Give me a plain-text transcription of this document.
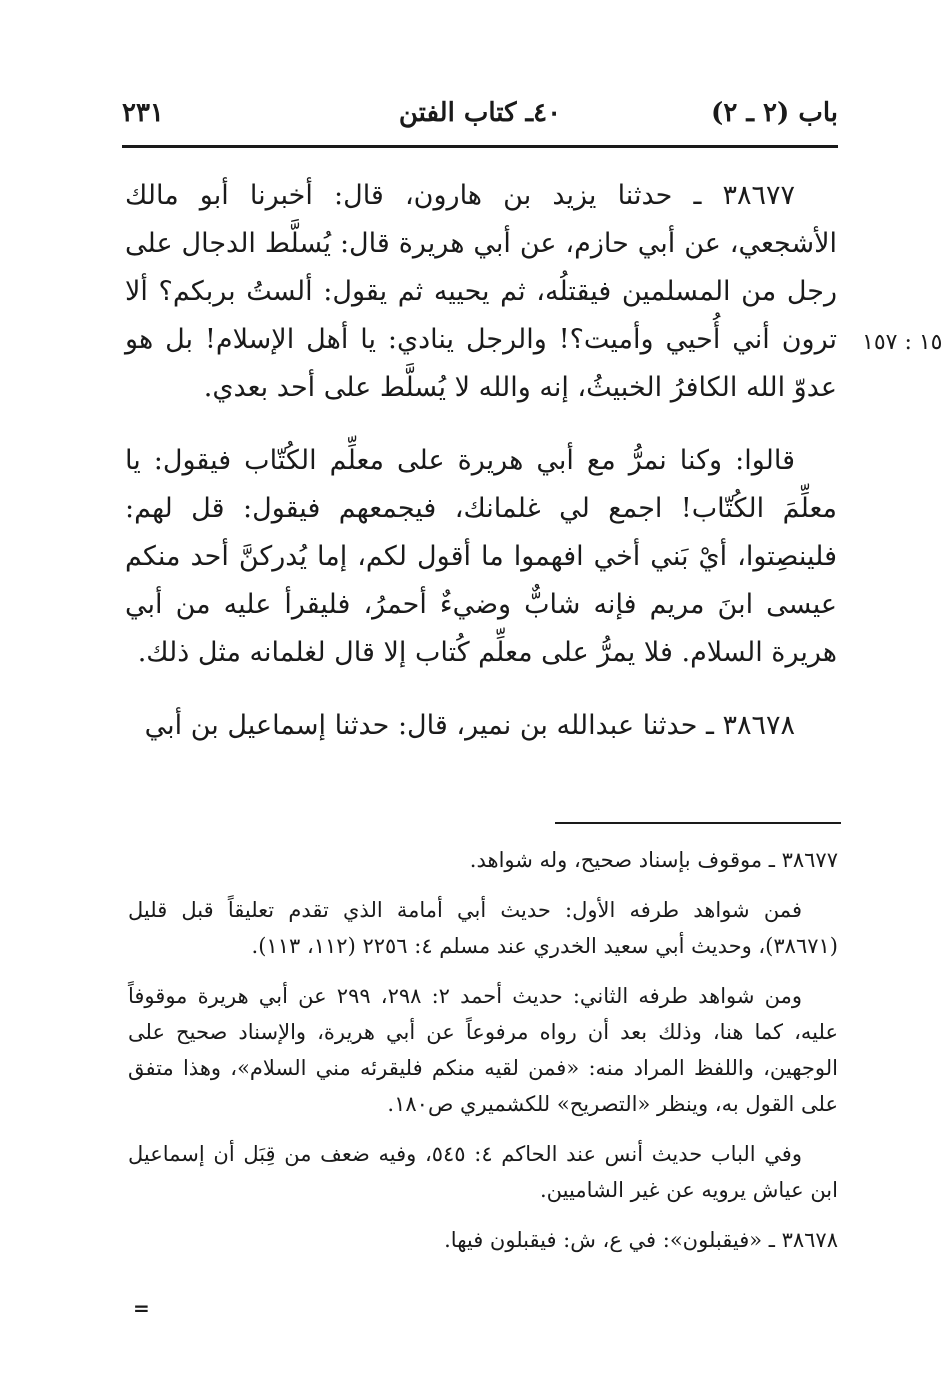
باب (٢ ـ ٢)
٤٠ـ كتاب الفتن
٢٣١
١٥ : ١٥٧

٣٨٦٧٧ ـ حدثنا يزيد بن هارون، قال: أخبرنا أبو مالك الأشجعي، عن أبي حازم، عن أبي هريرة قال: يُسلَّط الدجال على رجل من المسلمين فيقتلُه، ثم يحييه ثم يقول: ألستُ بربكم؟ ألا ترون أني أُحيي وأميت؟! والرجل ينادي: يا أهل الإسلام! بل هو عدوّ الله الكافرُ الخبيثُ، إنه والله لا يُسلَّط على أحد بعدي.

قالوا: وكنا نمرُّ مع أبي هريرة على معلِّم الكُتّاب فيقول: يا معلِّمَ الكُتّاب! اجمع لي غلمانك، فيجمعهم فيقول: قل لهم: فلينصِتوا، أيْ بَني أخي افهموا ما أقول لكم، إما يُدركنَّ أحد منكم عيسى ابنَ مريم فإنه شابٌّ وضيءٌ أحمرُ، فليقرأ عليه من أبي هريرة السلام. فلا يمرُّ على معلِّم كُتاب إلا قال لغلمانه مثل ذلك.

٣٨٦٧٨ ـ حدثنا عبدالله بن نمير، قال: حدثنا إسماعيل بن أبي

٣٨٦٧٧ ـ موقوف بإسناد صحيح، وله شواهد.

فمن شواهد طرفه الأول: حديث أبي أمامة الذي تقدم تعليقاً قبل قليل (٣٨٦٧١)، وحديث أبي سعيد الخدري عند مسلم ٤: ٢٢٥٦ (١١٢، ١١٣).

ومن شواهد طرفه الثاني: حديث أحمد ٢: ٢٩٨، ٢٩٩ عن أبي هريرة موقوفاً عليه، كما هنا، وذلك بعد أن رواه مرفوعاً عن أبي هريرة، والإسناد صحيح على الوجهين، واللفظ المراد منه: «فمن لقيه منكم فليقرئه مني السلام»، وهذا متفق على القول به، وينظر «التصريح» للكشميري ص١٨٠.

وفي الباب حديث أنس عند الحاكم ٤: ٥٤٥، وفيه ضعف من قِبَل أن إسماعيل ابن عياش يرويه عن غير الشاميين.

٣٨٦٧٨ ـ «فيقبلون»: في ع، ش: فيقبلون فيها.

=
